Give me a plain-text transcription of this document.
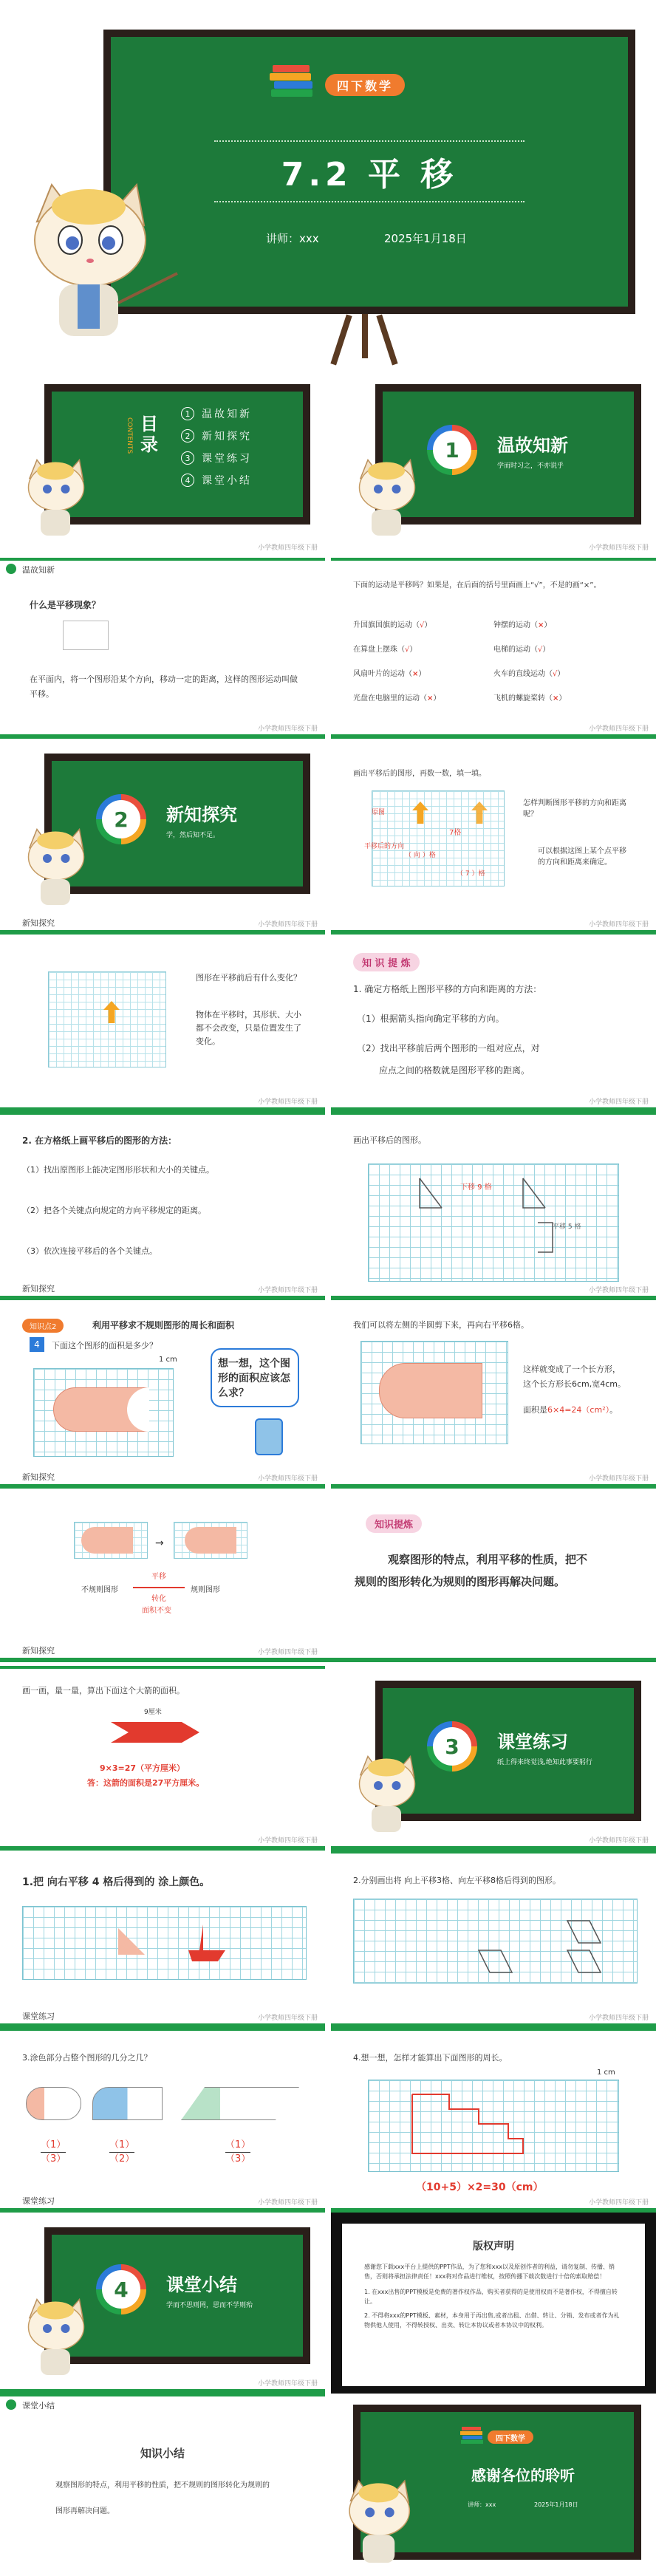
四下数学
7.2 平 移
讲师：xxx	2025年1月18日
目录
CONTENTS
1	温故知新
2	新知探究
3	课堂练习
4	课堂小结
小学教师四年级下册
1	温故知新
学而时习之，不亦说乎
小学教师四年级下册
温故知新
什么是平移现象？
在平面内，将一个图形沿某个方向，移动一定的距离，这样的图形运动叫做平移。
小学教师四年级下册
下面的运动是平移吗？如果是，在后面的括号里面画上“√”，不是的画“×”。
升国旗国旗的运动（√）	钟摆的运动（×）
在算盘上摆珠（√）	电梯的运动（√）
风扇叶片的运动（×）	火车的直线运动（√）
光盘在电脑里的运动（×）	飞机的螺旋桨转（×）
小学教师四年级下册
2	新知探究
学，然后知不足。
新知探究	小学教师四年级下册
画出平移后的图形，再数一数，填一填。
原图
平移后的方向
7格
（ 向 ）格
（ 7 ）格
怎样判断图形平移的方向和距离呢？
可以根据这图上某个点平移的方向和距离来确定。
小学教师四年级下册
图形在平移前后有什么变化？
物体在平移时，其形状、大小都不会改变，只是位置发生了变化。
小学教师四年级下册
知 识 提 炼
1. 确定方格纸上图形平移的方向和距离的方法：
（1）根据箭头指向确定平移的方向。
（2）找出平移前后两个图形的一组对应点，对
应点之间的格数就是图形平移的距离。
小学教师四年级下册
2. 在方格纸上画平移后的图形的方法：
（1）找出原图形上能决定图形形状和大小的关键点。
（2）把各个关键点向规定的方向平移规定的距离。
（3）依次连接平移后的各个关键点。
新知探究	小学教师四年级下册
画出平移后的图形。
下移 9 格
平移 5 格
小学教师四年级下册
知识点2	利用平移求不规则图形的周长和面积
4	下面这个图形的面积是多少？
1 cm	想一想，这个图形的面积应该怎么求？
新知探究	小学教师四年级下册
我们可以将左侧的半圆剪下来，再向右平移6格。
这样就变成了一个长方形，
这个长方形长6cm,宽4cm。
面积是6×4=24（cm²）。
小学教师四年级下册
→
不规则图形
平移
转化
面积不变
规则图形
知识提炼
观察图形的特点，利用平移的性质，把不
规则的图形转化为规则的图形再解决问题。
新知探究	小学教师四年级下册
画一画，量一量，算出下面这个大箭的面积。
9厘米
9×3=27（平方厘米）
答：这箭的面积是27平方厘米。
小学教师四年级下册
3	课堂练习
纸上得来终觉浅,绝知此事要躬行
小学教师四年级下册
1.把 向右平移 4 格后得到的 涂上颜色。
课堂练习	小学教师四年级下册
2.分别画出将 向上平移3格、向左平移8格后得到的图形。
小学教师四年级下册
3.涂色部分占整个图形的几分之几？
（1）
（3）
（1）
（2）
（1）
（3）
课堂练习	小学教师四年级下册
4.想一想，怎样才能算出下面图形的周长。
1 cm
（10+5）×2=30（cm）
小学教师四年级下册
4	课堂小结
学而不思则罔，思而不学则殆
小学教师四年级下册
版权声明
感谢您下载xxx平台上提供的PPT作品，为了您和xxx以及原创作者的利益，请勿复制、传播、销售，否则将承担法律责任！xxx将对作品进行维权，按照传播下载次数进行十倍的索取赔偿！
1. 在xxx出售的PPT模板是免费的著作权作品，购买者获得的是使用权而不是著作权，不得擅自转让。
2. 不得将xxx的PPT模板、素材，本身用于再出售,或者出租、出借、转让、分销、发布或者作为礼物供他人使用，不得转授权、出卖、转让本协议或者本协议中的权利。
课堂小结
知识小结
观察图形的特点，利用平移的性质，把不规则的图形转化为规则的
图形再解决问题。
四下数学
感谢各位的聆听
讲师：xxx	2025年1月18日
